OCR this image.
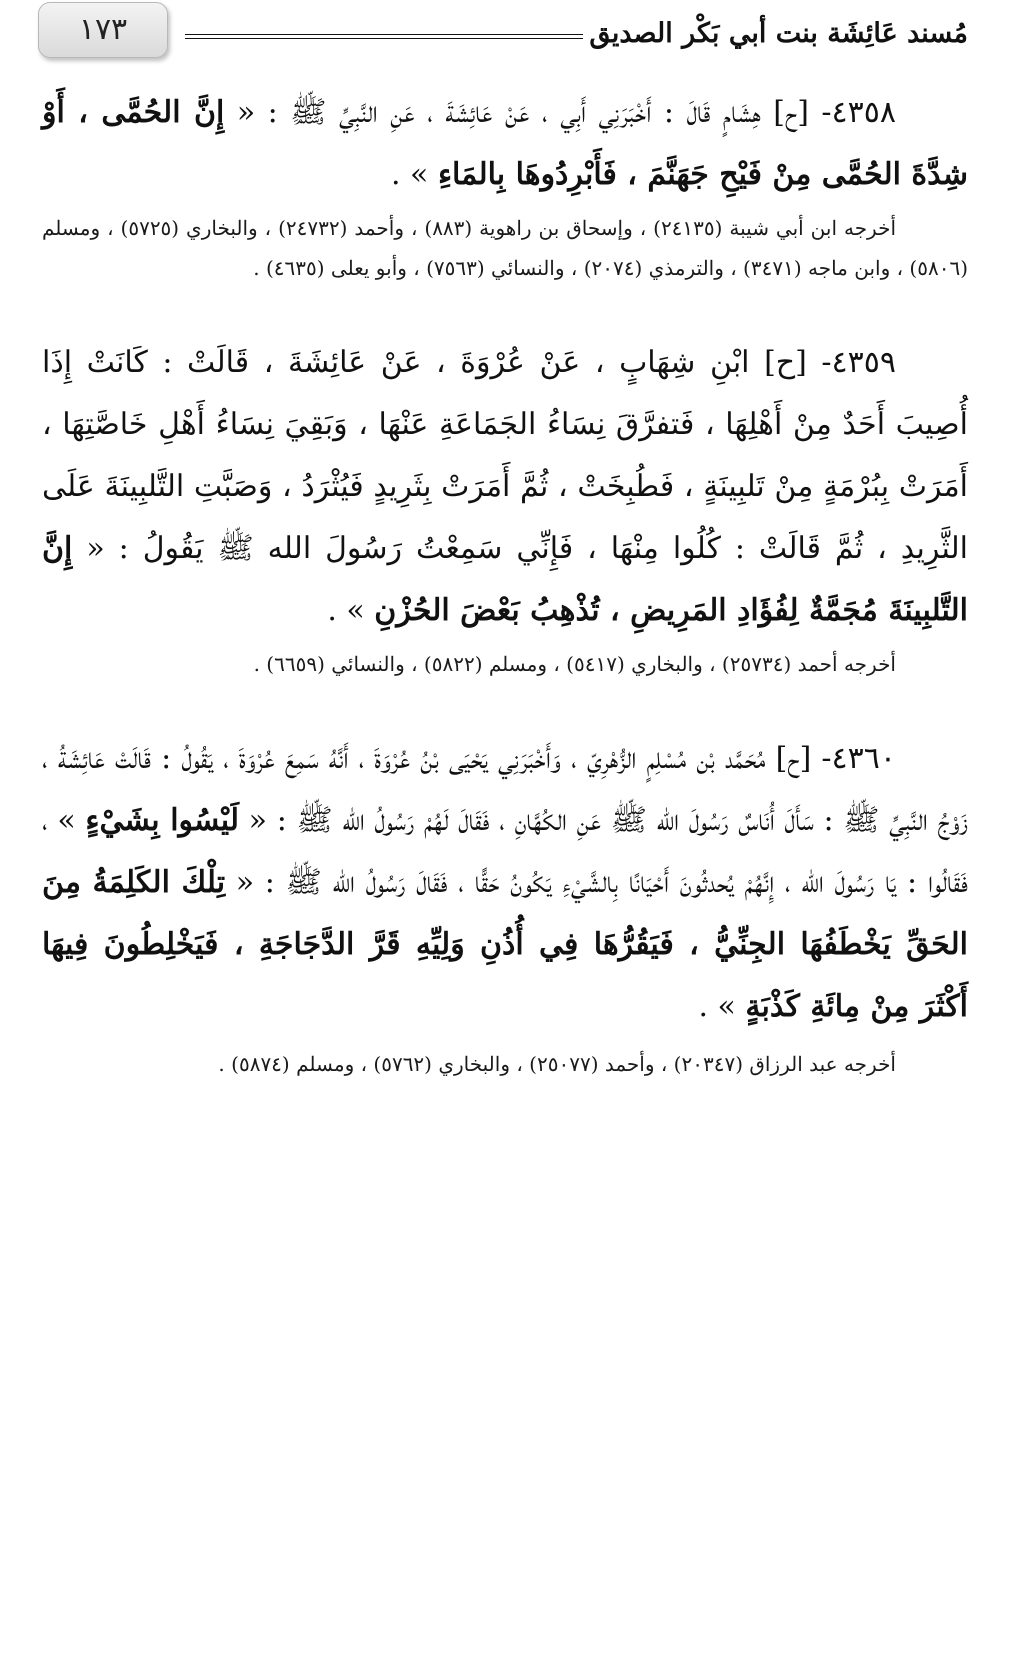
مُسند عَائِشَة بنت أبي بَكْر الصديق
١٧٣

٤٣٥٨- [ح] هِشَامٍ قَالَ : أَخْبَرَنِي أَبِي ، عَنْ عَائِشَةَ ، عَنِ النَّبِيِّ ﷺ : « إِنَّ الحُمَّى ، أَوْ شِدَّةَ الحُمَّى مِنْ فَيْحِ جَهَنَّمَ ، فَأَبْرِدُوهَا بِالمَاءِ » .

أخرجه ابن أبي شيبة (٢٤١٣٥) ، وإسحاق بن راهوية (٨٨٣) ، وأحمد (٢٤٧٣٢) ، والبخاري (٥٧٢٥) ، ومسلم (٥٨٠٦) ، وابن ماجه (٣٤٧١) ، والترمذي (٢٠٧٤) ، والنسائي (٧٥٦٣) ، وأبو يعلى (٤٦٣٥) .

٤٣٥٩- [ح] ابْنِ شِهَابٍ ، عَنْ عُرْوَةَ ، عَنْ عَائِشَةَ ، قَالَتْ : كَانَتْ إِذَا أُصِيبَ أَحَدٌ مِنْ أَهْلِهَا ، فَتفرَّقَ نِسَاءُ الجَمَاعَةِ عَنْهَا ، وَبَقِيَ نِسَاءُ أَهْلِ خَاصَّتِهَا ، أَمَرَتْ بِبُرْمَةٍ مِنْ تَلبِينَةٍ ، فَطُبِخَتْ ، ثُمَّ أَمَرَتْ بِثَرِيدٍ فَيُثْرَدُ ، وَصَبَّتِ التَّلبِينَةَ عَلَى الثَّرِيدِ ، ثُمَّ قَالَتْ : كُلُوا مِنْهَا ، فَإِنِّي سَمِعْتُ رَسُولَ الله ﷺ يَقُولُ : « إِنَّ التَّلبِينَةَ مُجَمَّةٌ لِفُؤَادِ المَرِيضِ ، تُذْهِبُ بَعْضَ الحُزْنِ » .

أخرجه أحمد (٢٥٧٣٤) ، والبخاري (٥٤١٧) ، ومسلم (٥٨٢٢) ، والنسائي (٦٦٥٩) .

٤٣٦٠- [ح] مُحَمَّد بْن مُسْلِمٍ الزُّهْرِيّ ، وَأَخْبَرَنِي يَحْيَى بْنُ عُرْوَةَ ، أَنَّهُ سَمِعَ عُرْوَةَ ، يَقُولُ : قَالَتْ عَائِشَةُ ، زَوْجُ النَّبِيِّ ﷺ : سَأَلَ أُنَاسٌ رَسُولَ الله ﷺ عَنِ الكُهَّانِ ، فَقَالَ لَهُمْ رَسُولُ الله ﷺ : « لَيْسُوا بِشَيْءٍ » ، فَقَالُوا : يَا رَسُولَ الله ، إِنَّهُمْ يُحدثُونَ أَحْيَانًا بِالشَّيْءِ يَكُونُ حَقًّا ، فَقَالَ رَسُولُ الله ﷺ : « تِلْكَ الكَلِمَةُ مِنَ الحَقِّ يَخْطَفُهَا الجِنِّيُّ ، فَيَقُرُّهَا فِي أُذُنِ وَلِيِّهِ قَرَّ الدَّجَاجَةِ ، فَيَخْلِطُونَ فِيهَا أَكْثَرَ مِنْ مِائَةِ كَذْبَةٍ » .

أخرجه عبد الرزاق (٢٠٣٤٧) ، وأحمد (٢٥٠٧٧) ، والبخاري (٥٧٦٢) ، ومسلم (٥٨٧٤) .
